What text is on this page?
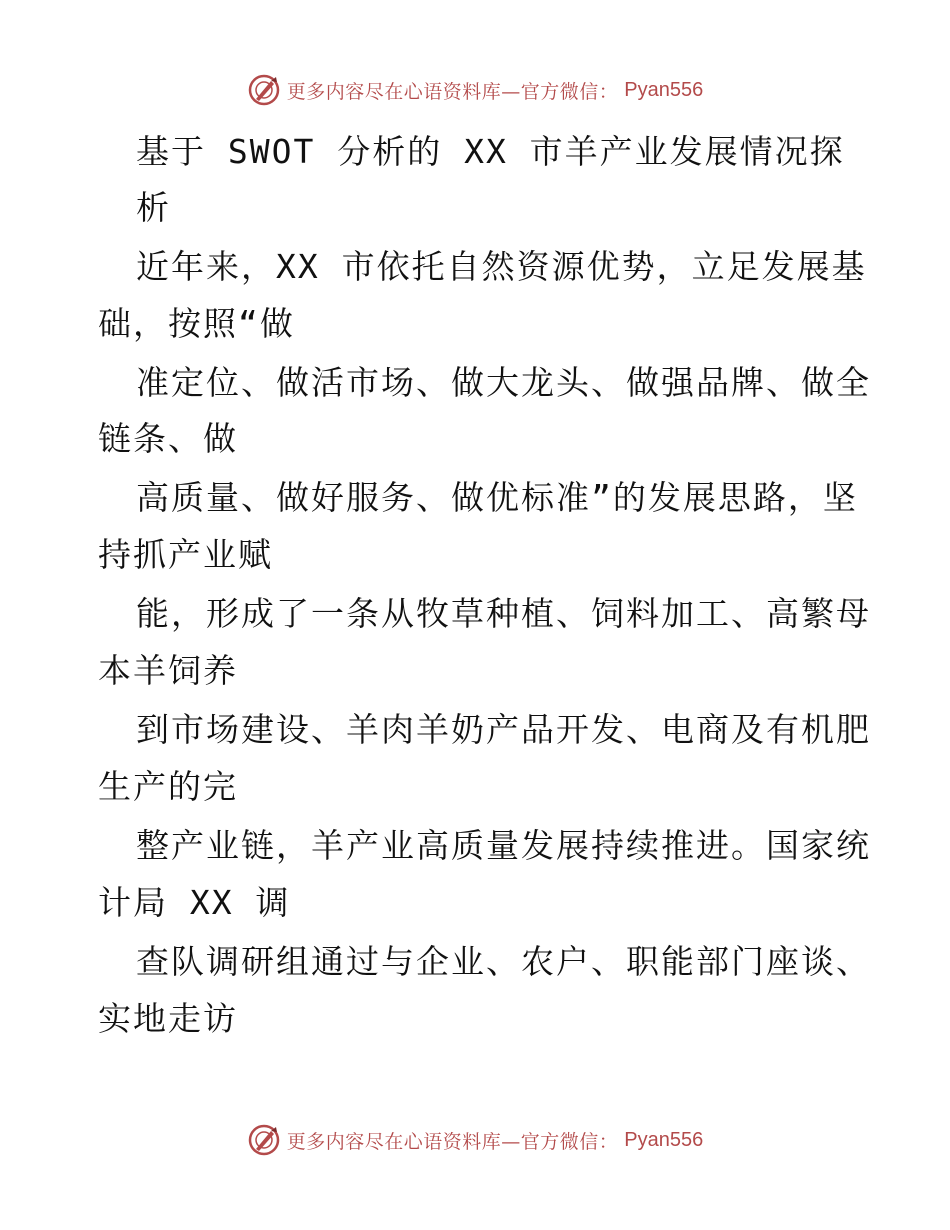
更多内容尽在心语资料库—官方微信： Pyan556
基于 SWOT 分析的 XX 市羊产业发展情况探
析
近年来，XX 市依托自然资源优势，立足发展基
础，按照“做
准定位、做活市场、做大龙头、做强品牌、做全
链条、做
高质量、做好服务、做优标准”的发展思路，坚
持抓产业赋
能，形成了一条从牧草种植、饲料加工、高繁母
本羊饲养
到市场建设、羊肉羊奶产品开发、电商及有机肥
生产的完
整产业链，羊产业高质量发展持续推进。国家统
计局 XX 调
查队调研组通过与企业、农户、职能部门座谈、
实地走访
更多内容尽在心语资料库—官方微信： Pyan556
